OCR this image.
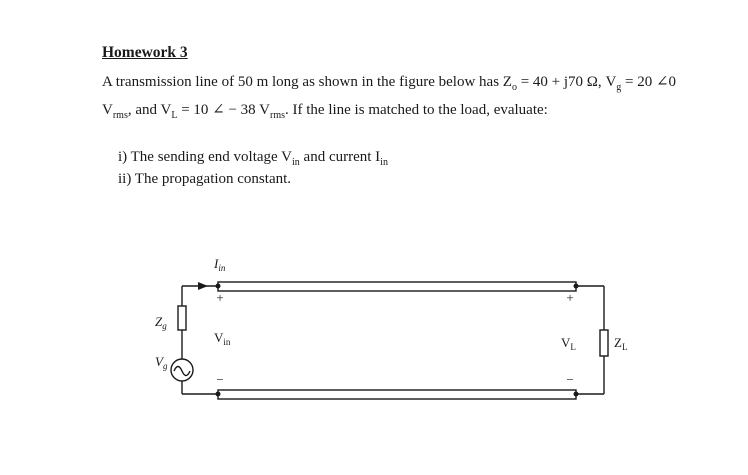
Homework 3
A transmission line of 50 m long as shown in the figure below has $Z_o = 40 + j70$ Ω, $V_g = 20$ ∠0 $V_{rms}$, and $V_L = 10$ ∠ − 38 $V_{rms}$. If the line is matched to the load, evaluate:
i) The sending end voltage $V_{in}$ and current $I_{in}$
ii) The propagation constant.
$I_{in}$
+
$V_{in}$
−
$Z_g$
$V_g$
+
$V_L$
−
$Z_L$
